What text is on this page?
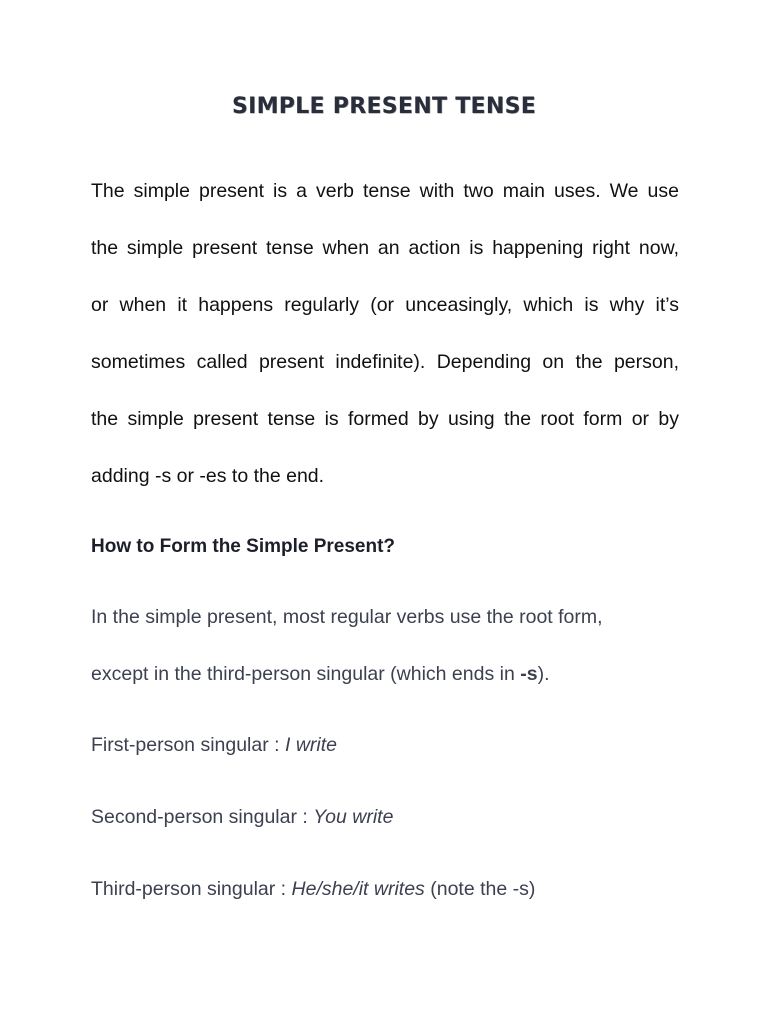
SIMPLE PRESENT TENSE
The simple present is a verb tense with two main uses. We use
the simple present tense when an action is happening right now,
or when it happens regularly (or unceasingly, which is why it’s
sometimes called present indefinite). Depending on the person,
the simple present tense is formed by using the root form or by
adding -s or -es to the end.
How to Form the Simple Present?
In the simple present, most regular verbs use the root form,
except in the third-person singular (which ends in -s).
First-person singular : I write
Second-person singular : You write
Third-person singular : He/she/it writes (note the -s)
